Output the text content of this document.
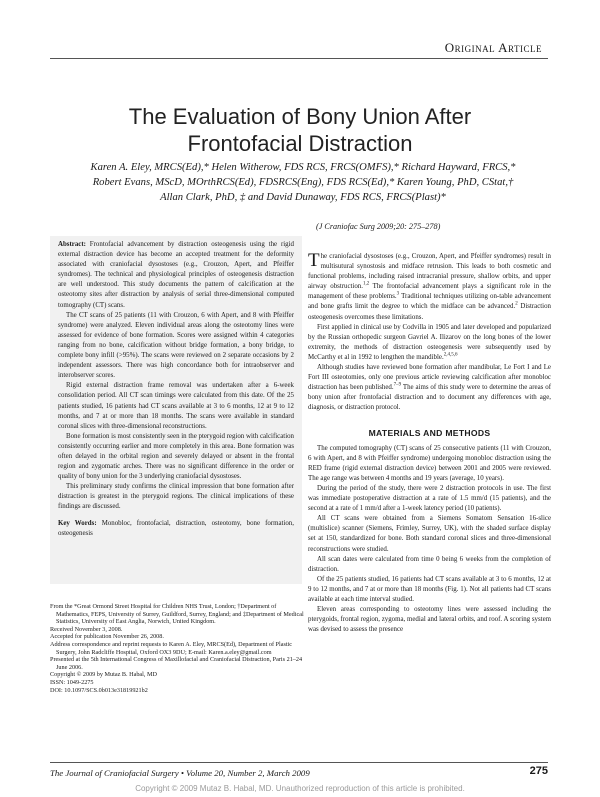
Original Article
The Evaluation of Bony Union After
Frontofacial Distraction
Karen A. Eley, MRCS(Ed),* Helen Witherow, FDS RCS, FRCS(OMFS),* Richard Hayward, FRCS,*
Robert Evans, MScD, MOrthRCS(Ed), FDSRCS(Eng), FDS RCS(Ed),* Karen Young, PhD, CStat,†
Allan Clark, PhD, ‡ and David Dunaway, FDS RCS, FRCS(Plast)*
(J Craniofac Surg 2009;20: 275–278)

Abstract: Frontofacial advancement by distraction osteogenesis using the rigid external distraction device has become an accepted treatment for the deformity associated with craniofacial dysostoses (e.g., Crouzon, Apert, and Pfeiffer syndromes). The technical and physiological principles of osteogenesis distraction are well understood. This study documents the pattern of calcification at the osteotomy sites after distraction by analysis of serial three-dimensional computed tomography (CT) scans.

The CT scans of 25 patients (11 with Crouzon, 6 with Apert, and 8 with Pfeiffer syndrome) were analyzed. Eleven individual areas along the osteotomy lines were assessed for evidence of bone formation. Scores were assigned within 4 categories ranging from no bone, calcification without bridge formation, a bony bridge, to complete bony infill (>95%). The scans were reviewed on 2 separate occasions by 2 independent assessors. There was high concordance both for intraobserver and interobserver scores.

Rigid external distraction frame removal was undertaken after a 6-week consolidation period. All CT scan timings were calculated from this date. Of the 25 patients studied, 16 patients had CT scans available at 3 to 6 months, 12 at 9 to 12 months, and 7 at or more than 18 months. The scans were available in standard coronal slices with three-dimensional reconstructions.

Bone formation is most consistently seen in the pterygoid region with calcification consistently occurring earlier and more completely in this area. Bone formation was often delayed in the orbital region and severely delayed or absent in the frontal region and zygomatic arches. There was no significant difference in the order or quality of bony union for the 3 underlying craniofacial dysostoses.

This preliminary study confirms the clinical impression that bone formation after distraction is greatest in the pterygoid regions. The clinical implications of these findings are discussed.

Key Words: Monobloc, frontofacial, distraction, osteotomy, bone formation, osteogenesis

From the *Great Ormond Street Hospital for Children NHS Trust, London; †Department of Mathematics, FEPS, University of Surrey, Guildford, Surrey, England; and ‡Department of Medical Statistics, University of East Anglia, Norwich, United Kingdom.

Received November 3, 2008.

Accepted for publication November 26, 2008.

Address correspondence and reprint requests to Karen A. Eley, MRCS(Ed), Department of Plastic Surgery, John Radcliffe Hospital, Oxford OX3 9DU; E-mail: Karen.a.eley@gmail.com

Presented at the 5th International Congress of Maxillofacial and Craniofacial Distraction, Paris 21–24 June 2006.

Copyright © 2009 by Mutaz B. Habal, MD

ISSN: 1049-2275

DOI: 10.1097/SCS.0b013e31819921b2

The craniofacial dysostoses (e.g., Crouzon, Apert, and Pfeiffer syndromes) result in multisutural synostosis and midface retrusion. This leads to both cosmetic and functional problems, including raised intracranial pressure, shallow orbits, and upper airway obstruction.$^{1,2}$ The frontofacial advancement plays a significant role in the management of these problems.$^3$ Traditional techniques utilizing on-table advancement and bone grafts limit the degree to which the midface can be advanced.$^2$ Distraction osteogenesis overcomes these limitations.

First applied in clinical use by Codvilla in 1905 and later developed and popularized by the Russian orthopedic surgeon Gavriel A. Ilizarov on the long bones of the lower extremity, the methods of distraction osteogenesis were subsequently used by McCarthy et al in 1992 to lengthen the mandible.$^{2,4,5,6}$

Although studies have reviewed bone formation after mandibular, Le Fort I and Le Fort III osteotomies, only one previous article reviewing calcification after monobloc distraction has been published.$^{7-9}$ The aims of this study were to determine the areas of bony union after frontofacial distraction and to document any differences with age, diagnosis, or distraction protocol.

MATERIALS AND METHODS

The computed tomography (CT) scans of 25 consecutive patients (11 with Crouzon, 6 with Apert, and 8 with Pfeiffer syndrome) undergoing monobloc distraction using the RED frame (rigid external distraction device) between 2001 and 2005 were reviewed. The age range was between 4 months and 19 years (average, 10 years).

During the period of the study, there were 2 distraction protocols in use. The first was immediate postoperative distraction at a rate of 1.5 mm/d (15 patients), and the second at a rate of 1 mm/d after a 1-week latency period (10 patients).

All CT scans were obtained from a Siemens Somatom Sensation 16-slice (multislice) scanner (Siemens, Frimley, Surrey, UK), with the shaded surface display set at 150, standardized for bone. Both standard coronal slices and three-dimensional reconstructions were studied.

All scan dates were calculated from time 0 being 6 weeks from the completion of distraction.

Of the 25 patients studied, 16 patients had CT scans available at 3 to 6 months, 12 at 9 to 12 months, and 7 at or more than 18 months (Fig. 1). Not all patients had CT scans available at each time interval studied.

Eleven areas corresponding to osteotomy lines were assessed including the pterygoids, frontal region, zygoma, medial and lateral orbits, and roof. A scoring system was devised to assess the presence

The Journal of Craniofacial Surgery • Volume 20, Number 2, March 2009	275
Copyright © 2009 Mutaz B. Habal, MD. Unauthorized reproduction of this article is prohibited.
